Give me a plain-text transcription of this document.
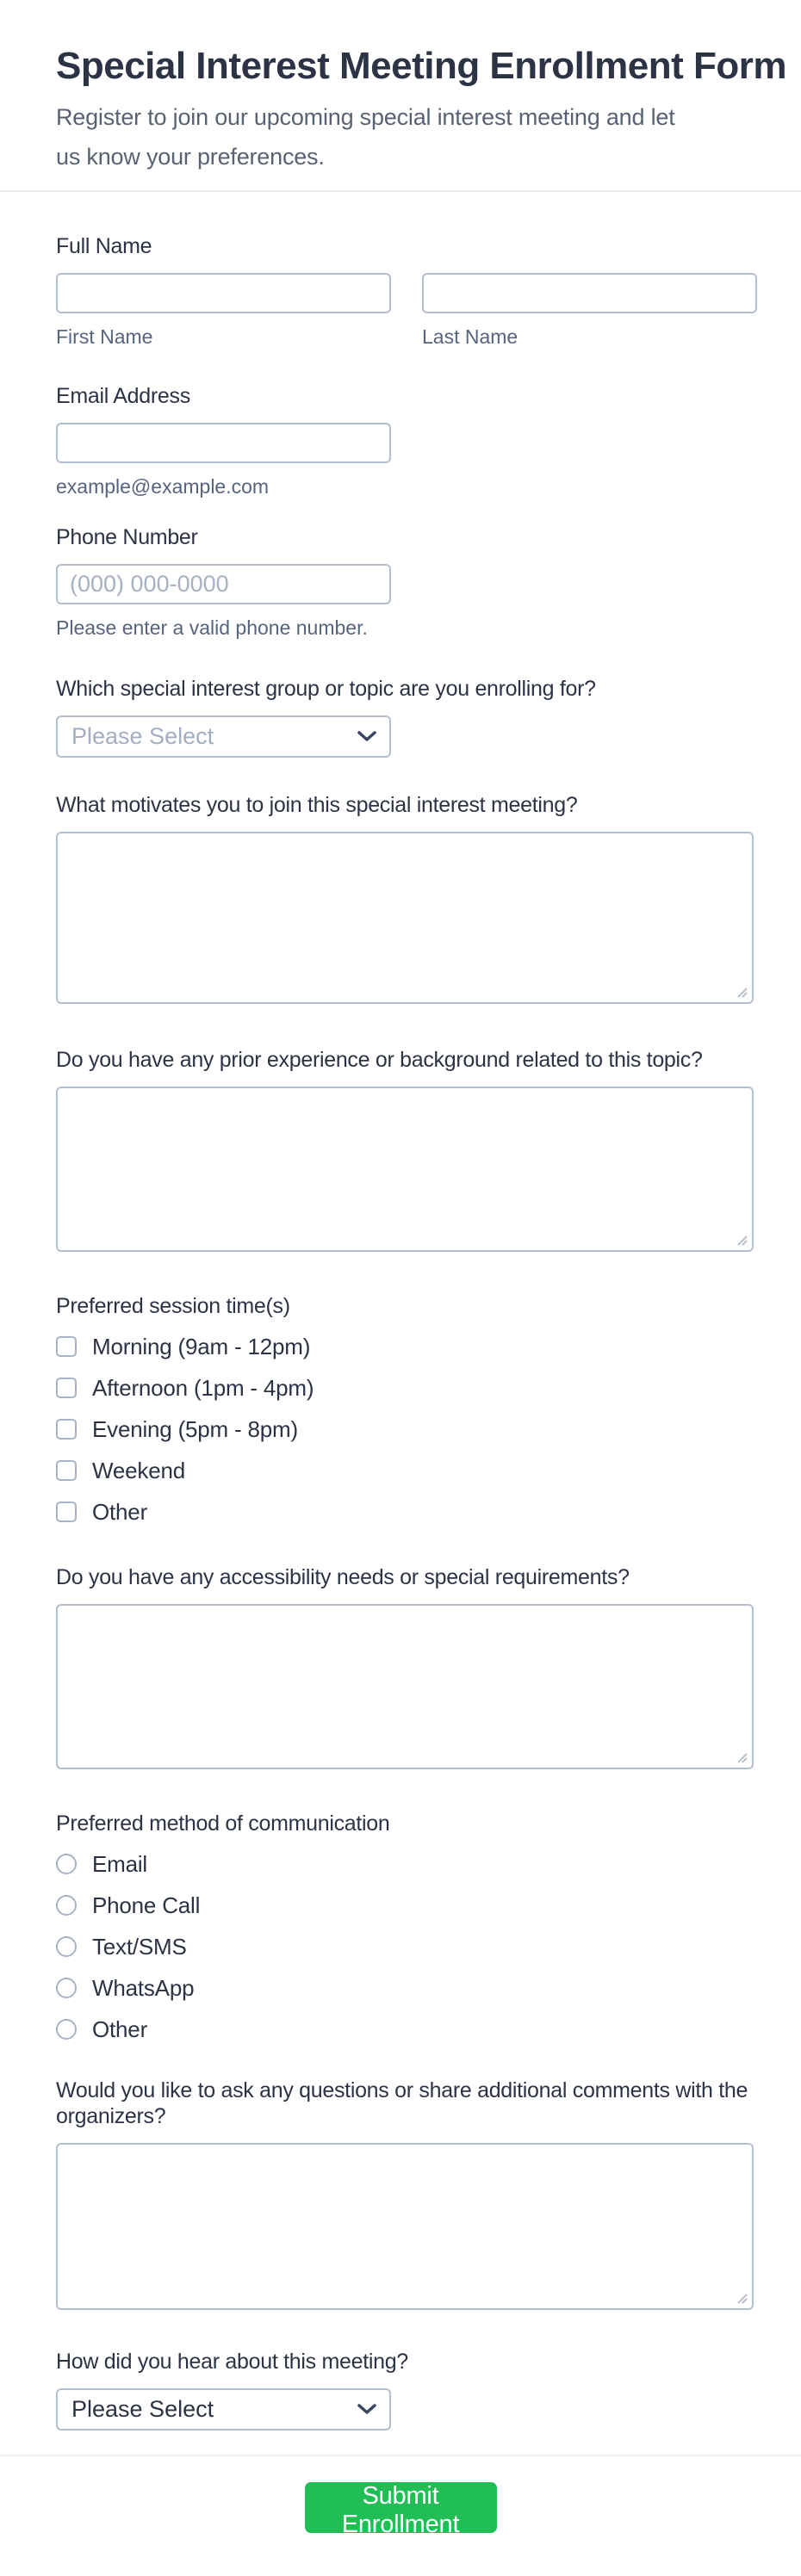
Special Interest Meeting Enrollment Form

Register to join our upcoming special interest meeting and let us know your preferences.

Full Name
First Name	Last Name
Email Address
example@example.com
Phone Number
(000) 000-0000
Please enter a valid phone number.
Which special interest group or topic are you enrolling for?
Please Select
What motivates you to join this special interest meeting?
Do you have any prior experience or background related to this topic?
Preferred session time(s)
Morning (9am - 12pm)
Afternoon (1pm - 4pm)
Evening (5pm - 8pm)
Weekend
Other
Do you have any accessibility needs or special requirements?
Preferred method of communication
Email
Phone Call
Text/SMS
WhatsApp
Other
Would you like to ask any questions or share additional comments with the organizers?
How did you hear about this meeting?
Please Select
Submit Enrollment
